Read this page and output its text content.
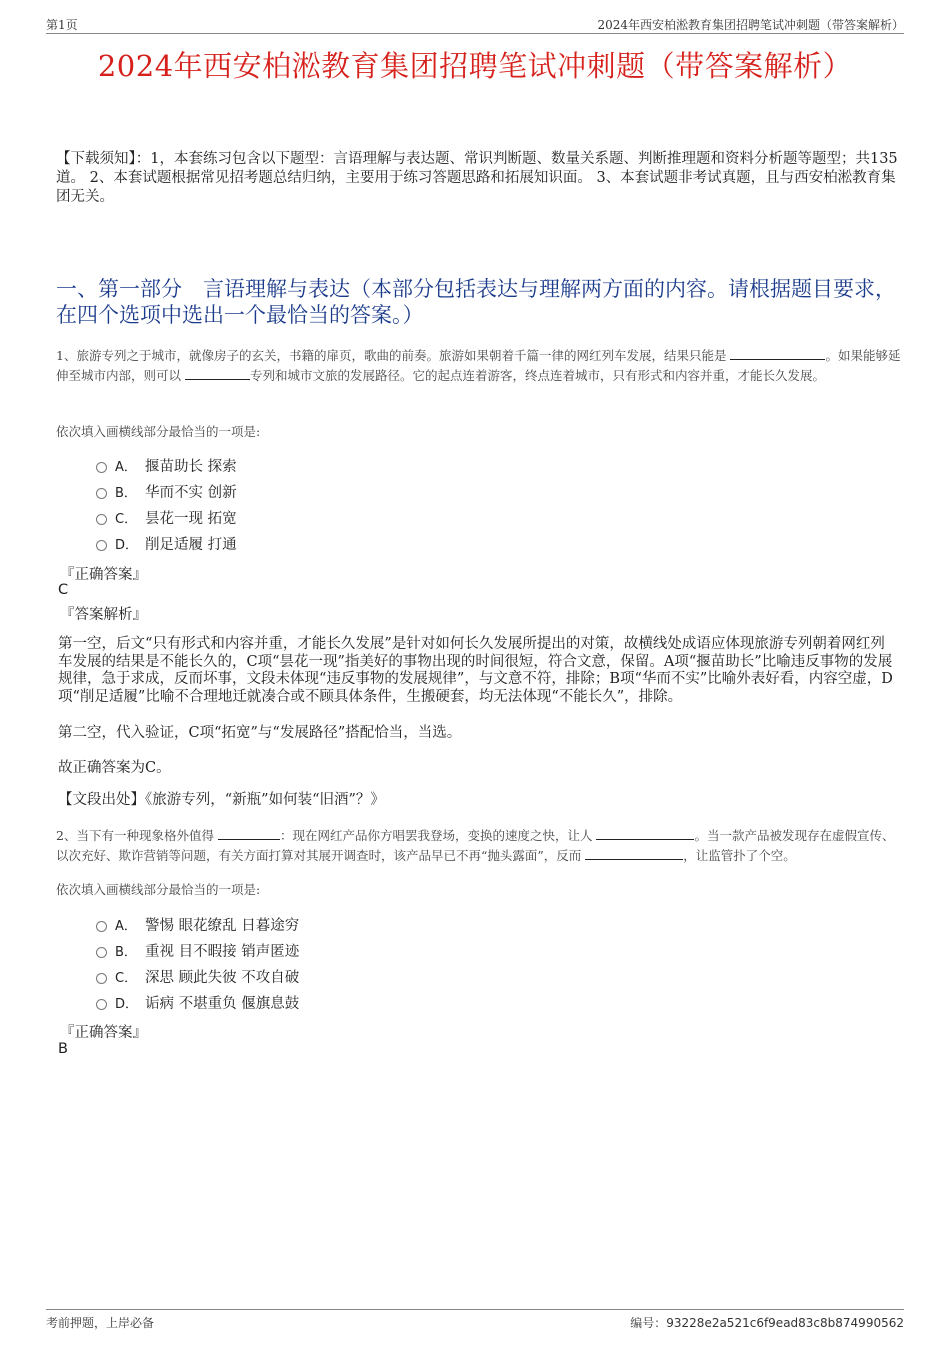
第1页	2024年西安柏淞教育集团招聘笔试冲刺题（带答案解析）
2024年西安柏淞教育集团招聘笔试冲刺题（带答案解析）
【下载须知】：1，本套练习包含以下题型：言语理解与表达题、常识判断题、数量关系题、判断推理题和资料分析题等题型；共135道。 2、本套试题根据常见招考题总结归纳，主要用于练习答题思路和拓展知识面。 3、本套试题非考试真题，且与西安柏淞教育集团无关。
一、第一部分　言语理解与表达（本部分包括表达与理解两方面的内容。请根据题目要求，在四个选项中选出一个最恰当的答案。）
1、旅游专列之于城市，就像房子的玄关，书籍的扉页，歌曲的前奏。旅游如果朝着千篇一律的网红列车发展，结果只能是	。如果能够延伸至城市内部，则可以	专列和城市文旅的发展路径。它的起点连着游客，终点连着城市，只有形式和内容并重，才能长久发展。
依次填入画横线部分最恰当的一项是:
A． 揠苗助长 探索
B． 华而不实 创新
C． 昙花一现 拓宽
D． 削足适履 打通
『正确答案』
C
『答案解析』
第一空，后文“只有形式和内容并重，才能长久发展”是针对如何长久发展所提出的对策，故横线处成语应体现旅游专列朝着网红列车发展的结果是不能长久的，C项“昙花一现”指美好的事物出现的时间很短，符合文意，保留。A项“揠苗助长”比喻违反事物的发展规律，急于求成，反而坏事，文段未体现“违反事物的发展规律”，与文意不符，排除；B项“华而不实”比喻外表好看，内容空虚，D项“削足适履”比喻不合理地迁就凑合或不顾具体条件，生搬硬套，均无法体现“不能长久”，排除。
第二空，代入验证，C项“拓宽”与“发展路径”搭配恰当，当选。
故正确答案为C。
【文段出处】《旅游专列，“新瓶”如何装“旧酒”？》
2、当下有一种现象格外值得	：现在网红产品你方唱罢我登场，变换的速度之快，让人	。当一款产品被发现存在虚假宣传、以次充好、欺诈营销等问题，有关方面打算对其展开调查时，该产品早已不再“抛头露面”，反而	，让监管扑了个空。
依次填入画横线部分最恰当的一项是:
A． 警惕 眼花缭乱 日暮途穷
B． 重视 目不暇接 销声匿迹
C． 深思 顾此失彼 不攻自破
D． 诟病 不堪重负 偃旗息鼓
『正确答案』
B
考前押题，上岸必备	编号：93228e2a521c6f9ead83c8b874990562
